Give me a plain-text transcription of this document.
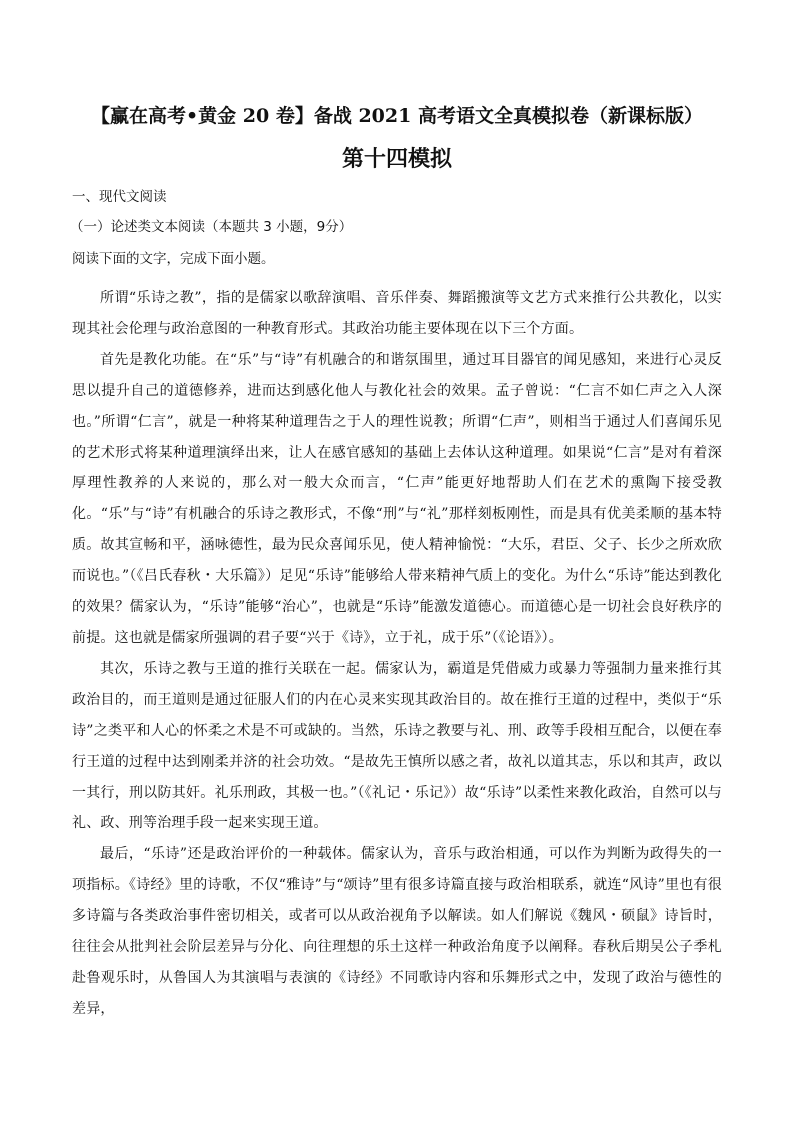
【赢在高考•黄金 20 卷】备战 2021 高考语文全真模拟卷（新课标版）
第十四模拟
一、现代文阅读
（一）论述类文本阅读（本题共 3 小题，9分）
阅读下面的文字，完成下面小题。

所谓“乐诗之教”，指的是儒家以歌辞演唱、音乐伴奏、舞蹈搬演等文艺方式来推行公共教化，以实现其社会伦理与政治意图的一种教育形式。其政治功能主要体现在以下三个方面。

首先是教化功能。在“乐”与“诗”有机融合的和谐氛围里，通过耳目器官的闻见感知，来进行心灵反思以提升自己的道德修养，进而达到感化他人与教化社会的效果。孟子曾说：“仁言不如仁声之入人深也。”所谓“仁言”，就是一种将某种道理告之于人的理性说教；所谓“仁声”，则相当于通过人们喜闻乐见的艺术形式将某种道理演绎出来，让人在感官感知的基础上去体认这种道理。如果说“仁言”是对有着深厚理性教养的人来说的，那么对一般大众而言，“仁声”能更好地帮助人们在艺术的熏陶下接受教化。“乐”与“诗”有机融合的乐诗之教形式，不像“刑”与“礼”那样刻板刚性，而是具有优美柔顺的基本特质。故其宣畅和平，涵咏德性，最为民众喜闻乐见，使人精神愉悦：“大乐，君臣、父子、长少之所欢欣而说也。”（《吕氏春秋・大乐篇》）足见“乐诗”能够给人带来精神气质上的变化。为什么“乐诗”能达到教化的效果？儒家认为，“乐诗”能够“治心”，也就是“乐诗”能激发道德心。而道德心是一切社会良好秩序的前提。这也就是儒家所强调的君子要“兴于《诗》，立于礼，成于乐”（《论语》）。

其次，乐诗之教与王道的推行关联在一起。儒家认为，霸道是凭借威力或暴力等强制力量来推行其政治目的，而王道则是通过征服人们的内在心灵来实现其政治目的。故在推行王道的过程中，类似于“乐诗”之类平和人心的怀柔之术是不可或缺的。当然，乐诗之教要与礼、刑、政等手段相互配合，以便在奉行王道的过程中达到刚柔并济的社会功效。“是故先王慎所以感之者，故礼以道其志，乐以和其声，政以一其行，刑以防其奸。礼乐刑政，其极一也。”（《礼记・乐记》）故“乐诗”以柔性来教化政治，自然可以与礼、政、刑等治理手段一起来实现王道。

最后，“乐诗”还是政治评价的一种载体。儒家认为，音乐与政治相通，可以作为判断为政得失的一项指标。《诗经》里的诗歌，不仅“雅诗”与“颂诗”里有很多诗篇直接与政治相联系，就连“风诗”里也有很多诗篇与各类政治事件密切相关，或者可以从政治视角予以解读。如人们解说《魏风・硕鼠》诗旨时，往往会从批判社会阶层差异与分化、向往理想的乐土这样一种政治角度予以阐释。春秋后期吴公子季札赴鲁观乐时，从鲁国人为其演唱与表演的《诗经》不同歌诗内容和乐舞形式之中，发现了政治与德性的差异，
